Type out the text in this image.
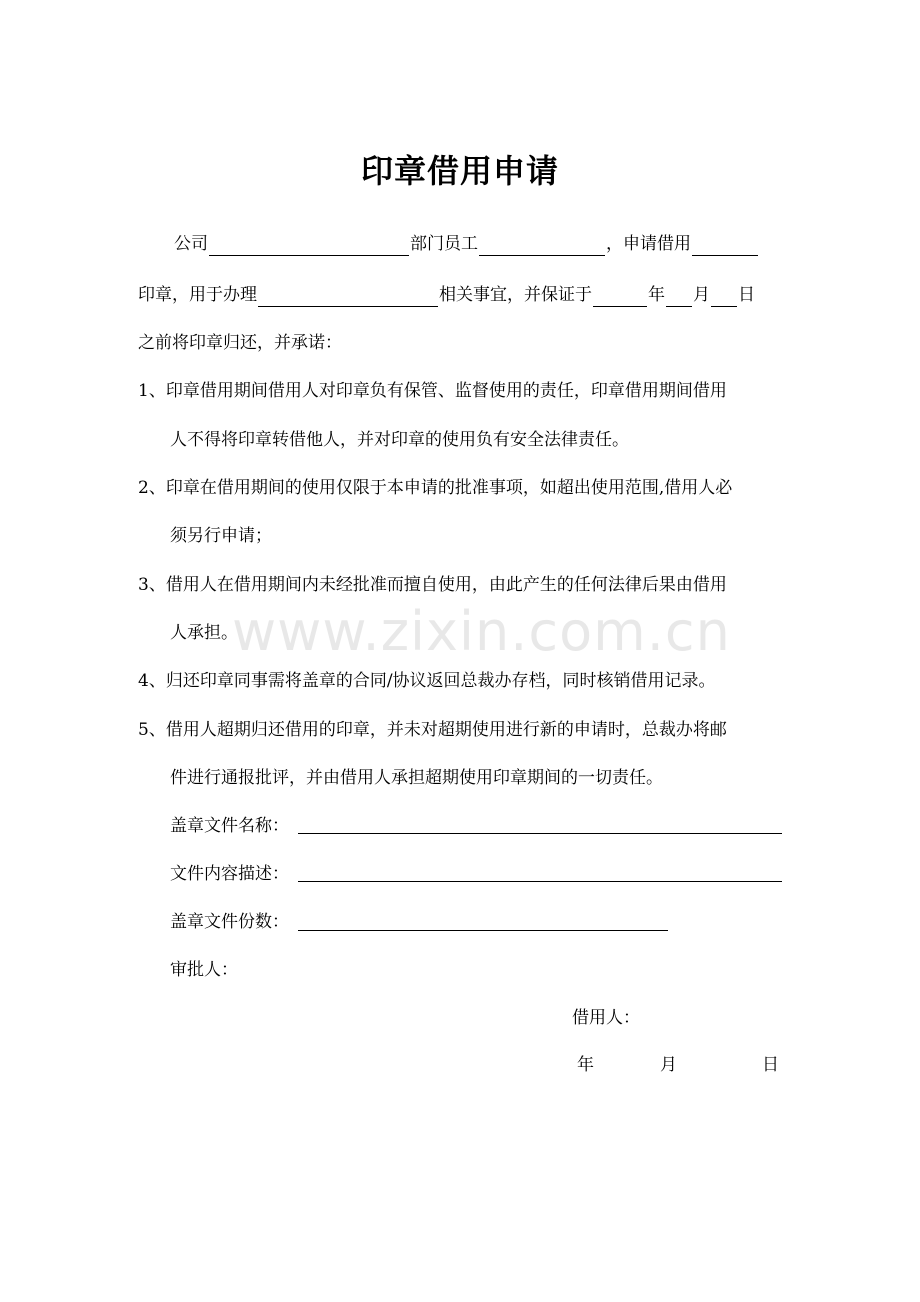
印章借用申请
公司	部门员工	，申请借用
印章，用于办理	相关事宜，并保证于	年 月 日
之前将印章归还，并承诺：
1、印章借用期间借用人对印章负有保管、监督使用的责任，印章借用期间借用
人不得将印章转借他人，并对印章的使用负有安全法律责任。
2、印章在借用期间的使用仅限于本申请的批准事项，如超出使用范围,借用人必
须另行申请；
3、借用人在借用期间内未经批准而擅自使用，由此产生的任何法律后果由借用
人承担。
4、归还印章同事需将盖章的合同/协议返回总裁办存档，同时核销借用记录。
5、借用人超期归还借用的印章，并未对超期使用进行新的申请时，总裁办将邮
件进行通报批评，并由借用人承担超期使用印章期间的一切责任。
www.zixin.com.cn
盖章文件名称：
文件内容描述：
盖章文件份数：
审批人：
借用人：
年	月	日
